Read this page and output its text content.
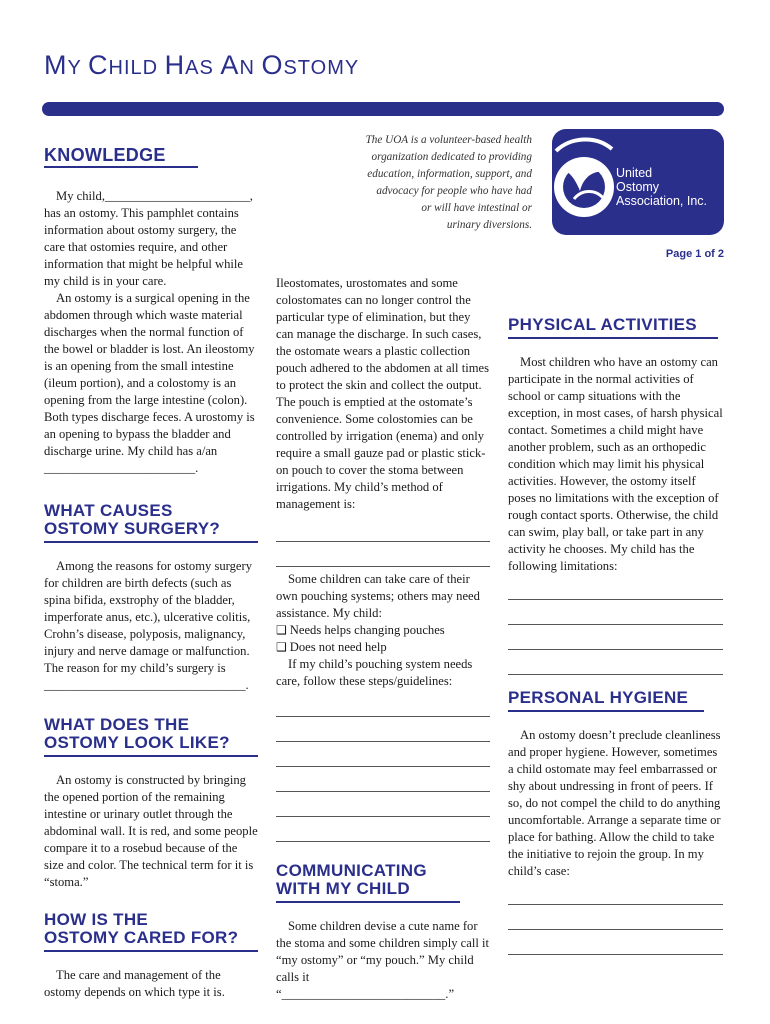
MY CHILD HAS AN OSTOMY
The UOA is a volunteer-based health
organization dedicated to providing
education, information, support, and
advocacy for people who have had
or will have intestinal or
urinary diversions.
United
Ostomy
Association, Inc.
Page 1 of 2
KNOWLEDGE

My child,_______________________, has an ostomy. This pamphlet contains information about ostomy surgery, the care that ostomies require, and other information that might be helpful while my child is in your care.

An ostomy is a surgical opening in the abdomen through which waste material discharges when the normal function of the bowel or bladder is lost. An ileostomy is an opening from the small intestine (ileum portion), and a colostomy is an opening from the large intestine (colon). Both types discharge feces. A urostomy is an opening to bypass the bladder and discharge urine. My child has a/an ________________________.

WHAT CAUSES
OSTOMY SURGERY?

Among the reasons for ostomy surgery for children are birth defects (such as spina bifida, exstrophy of the bladder, imperforate anus, etc.), ulcerative colitis, Crohn’s disease, polyposis, malignancy, injury and nerve damage or malfunction. The reason for my child’s surgery is ________________________________.

WHAT DOES THE
OSTOMY LOOK LIKE?

An ostomy is constructed by bringing the opened portion of the remaining intestine or urinary outlet through the abdominal wall. It is red, and some people compare it to a rosebud because of the size and color. The technical term for it is “stoma.”

HOW IS THE
OSTOMY CARED FOR?

The care and management of the ostomy depends on which type it is.

Ileostomates, urostomates and some colostomates can no longer control the particular type of elimination, but they can manage the discharge. In such cases, the ostomate wears a plastic collection pouch adhered to the abdomen at all times to protect the skin and collect the output. The pouch is emptied at the ostomate’s convenience. Some colostomies can be controlled by irrigation (enema) and only require a small gauze pad or plastic stick-on pouch to cover the stoma between irrigations. My child’s method of management is:

Some children can take care of their own pouching systems; others may need assistance. My child:

❑ Needs helps changing pouches

❑ Does not need help

If my child’s pouching system needs care, follow these steps/guidelines:

COMMUNICATING
WITH MY CHILD

Some children devise a cute name for the stoma and some children simply call it “my ostomy” or “my pouch.” My child calls it “__________________________.”

PHYSICAL ACTIVITIES

Most children who have an ostomy can participate in the normal activities of school or camp situations with the exception, in most cases, of harsh physical contact. Sometimes a child might have another problem, such as an orthopedic condition which may limit his physical activities. However, the ostomy itself poses no limitations with the exception of rough contact sports. Otherwise, the child can swim, play ball, or take part in any activity he chooses. My child has the following limitations:

PERSONAL HYGIENE

An ostomy doesn’t preclude cleanliness and proper hygiene. However, sometimes a child ostomate may feel embarrassed or shy about undressing in front of peers. If so, do not compel the child to do anything uncomfortable. Arrange a separate time or place for bathing. Allow the child to take the initiative to rejoin the group. In my child’s case:
